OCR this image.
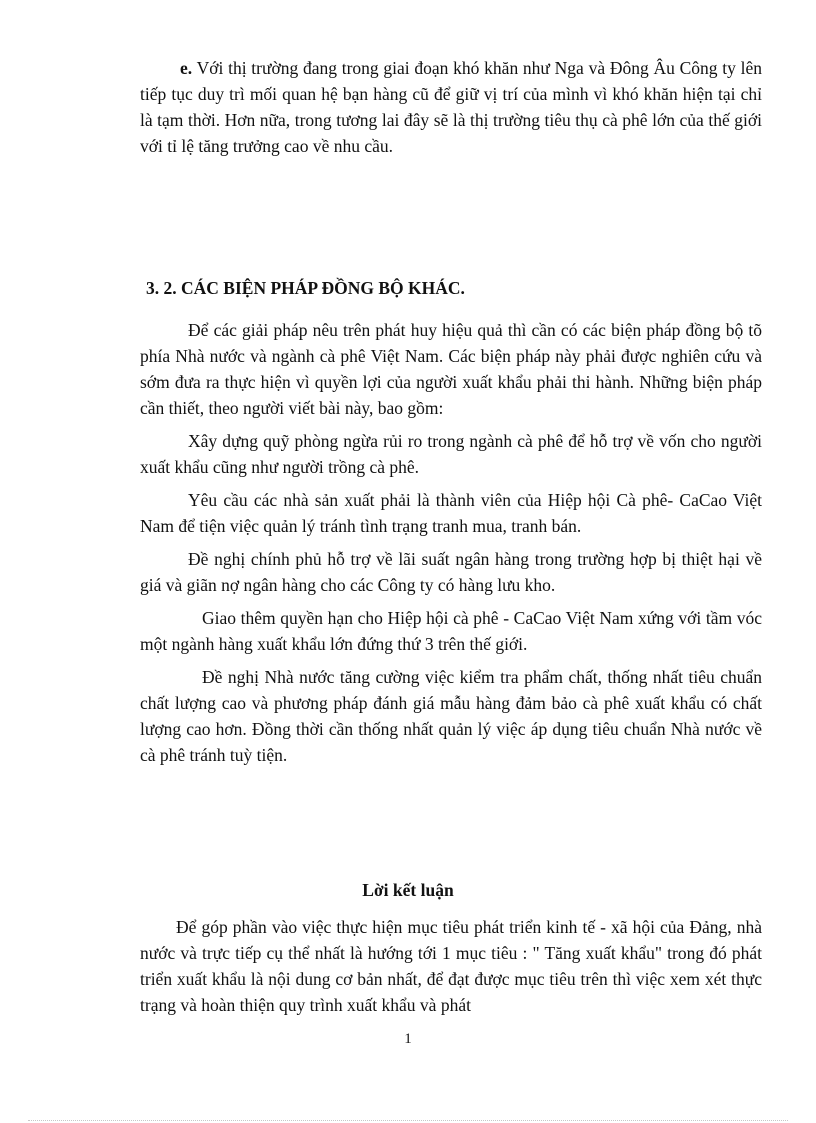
e. Với thị trường đang trong giai đoạn khó khăn như Nga và Đông Âu Công ty lên tiếp tục duy trì mối quan hệ bạn hàng cũ để giữ vị trí của mình vì khó khăn hiện tại chỉ là tạm thời. Hơn nữa, trong tương lai đây sẽ là thị trường tiêu thụ cà phê lớn của thế giới với tỉ lệ tăng trưởng cao về nhu cầu.

3. 2. CÁC BIỆN PHÁP ĐỒNG BỘ KHÁC.

Để các giải pháp nêu trên phát huy hiệu quả thì cần có các biện pháp đồng bộ tõ phía Nhà nước và ngành cà phê Việt Nam. Các biện pháp này phải được nghiên cứu và sớm đưa ra thực hiện vì quyền lợi của người xuất khẩu phải thi hành. Những biện pháp cần thiết, theo người viết bài này, bao gồm:

Xây dựng quỹ phòng ngừa rủi ro trong ngành cà phê để hỗ trợ về vốn cho người xuất khẩu cũng như người trồng cà phê.

Yêu cầu các nhà sản xuất phải là thành viên của Hiệp hội Cà phê- CaCao Việt Nam để tiện việc quản lý tránh tình trạng tranh mua, tranh bán.

Đề nghị chính phủ hỗ trợ về lãi suất ngân hàng trong trường hợp bị thiệt hại về giá và giãn nợ ngân hàng cho các Công ty có hàng lưu kho.

Giao thêm quyền hạn cho Hiệp hội cà phê - CaCao Việt Nam xứng với tầm vóc một ngành hàng xuất khẩu lớn đứng thứ 3 trên thế giới.

Đề nghị Nhà nước tăng cường việc kiểm tra phẩm chất, thống nhất tiêu chuẩn chất lượng cao và phương pháp đánh giá mẫu hàng đảm bảo cà phê xuất khẩu có chất lượng cao hơn. Đồng thời cần thống nhất quản lý việc áp dụng tiêu chuẩn Nhà nước về cà phê tránh tuỳ tiện.

Lời kết luận

Để góp phần vào việc thực hiện mục tiêu phát triển kinh tế - xã hội của Đảng, nhà nước và trực tiếp cụ thể nhất là hướng tới 1 mục tiêu : " Tăng xuất khẩu" trong đó phát triển xuất khẩu là nội dung cơ bản nhất, để đạt được mục tiêu trên thì việc xem xét thực trạng và hoàn thiện quy trình xuất khẩu và phát

1
